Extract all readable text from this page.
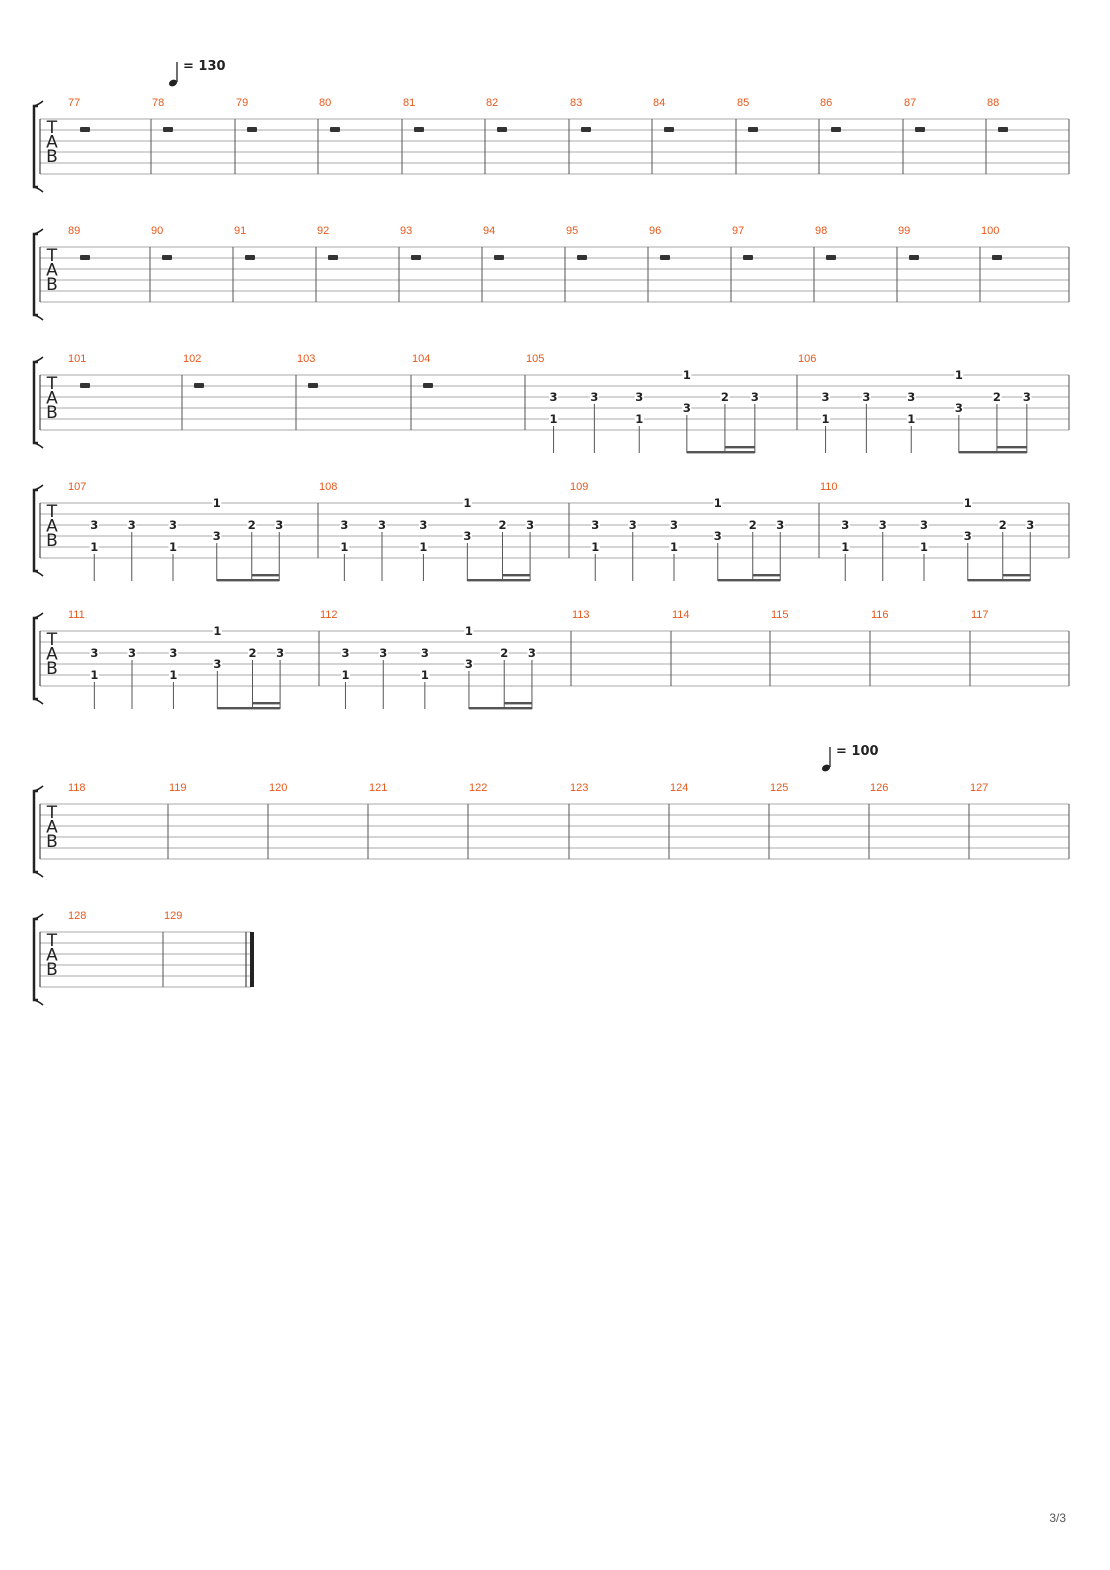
T
A
B
77	78	79	80	81	82	83	84	85	86	87	88
T
A
B
89	90	91	92	93	94	95	96	97	98	99	100
T
A
B
101	102	103	104	105
3
1
3	3
1
1
3
2 3
106
3
1
3	3
1
1
3
2 3
T
A
B
107
3
1
3	3
1
1
3
2 3
108
3
1
3	3
1
1
3
2 3
109
3
1
3	3
1
1
3
2 3
110
3
1
3	3
1
1
3
2 3
T
A
B
111
3
1
3	3
1
1
3
2 3
112
3
1
3	3
1
1
3
2 3
113	114	115	116	117
T
A
B
118	119	120	121	122	123	124	125	126	127
T
A
B
128	129
= 130
= 100
3/3
